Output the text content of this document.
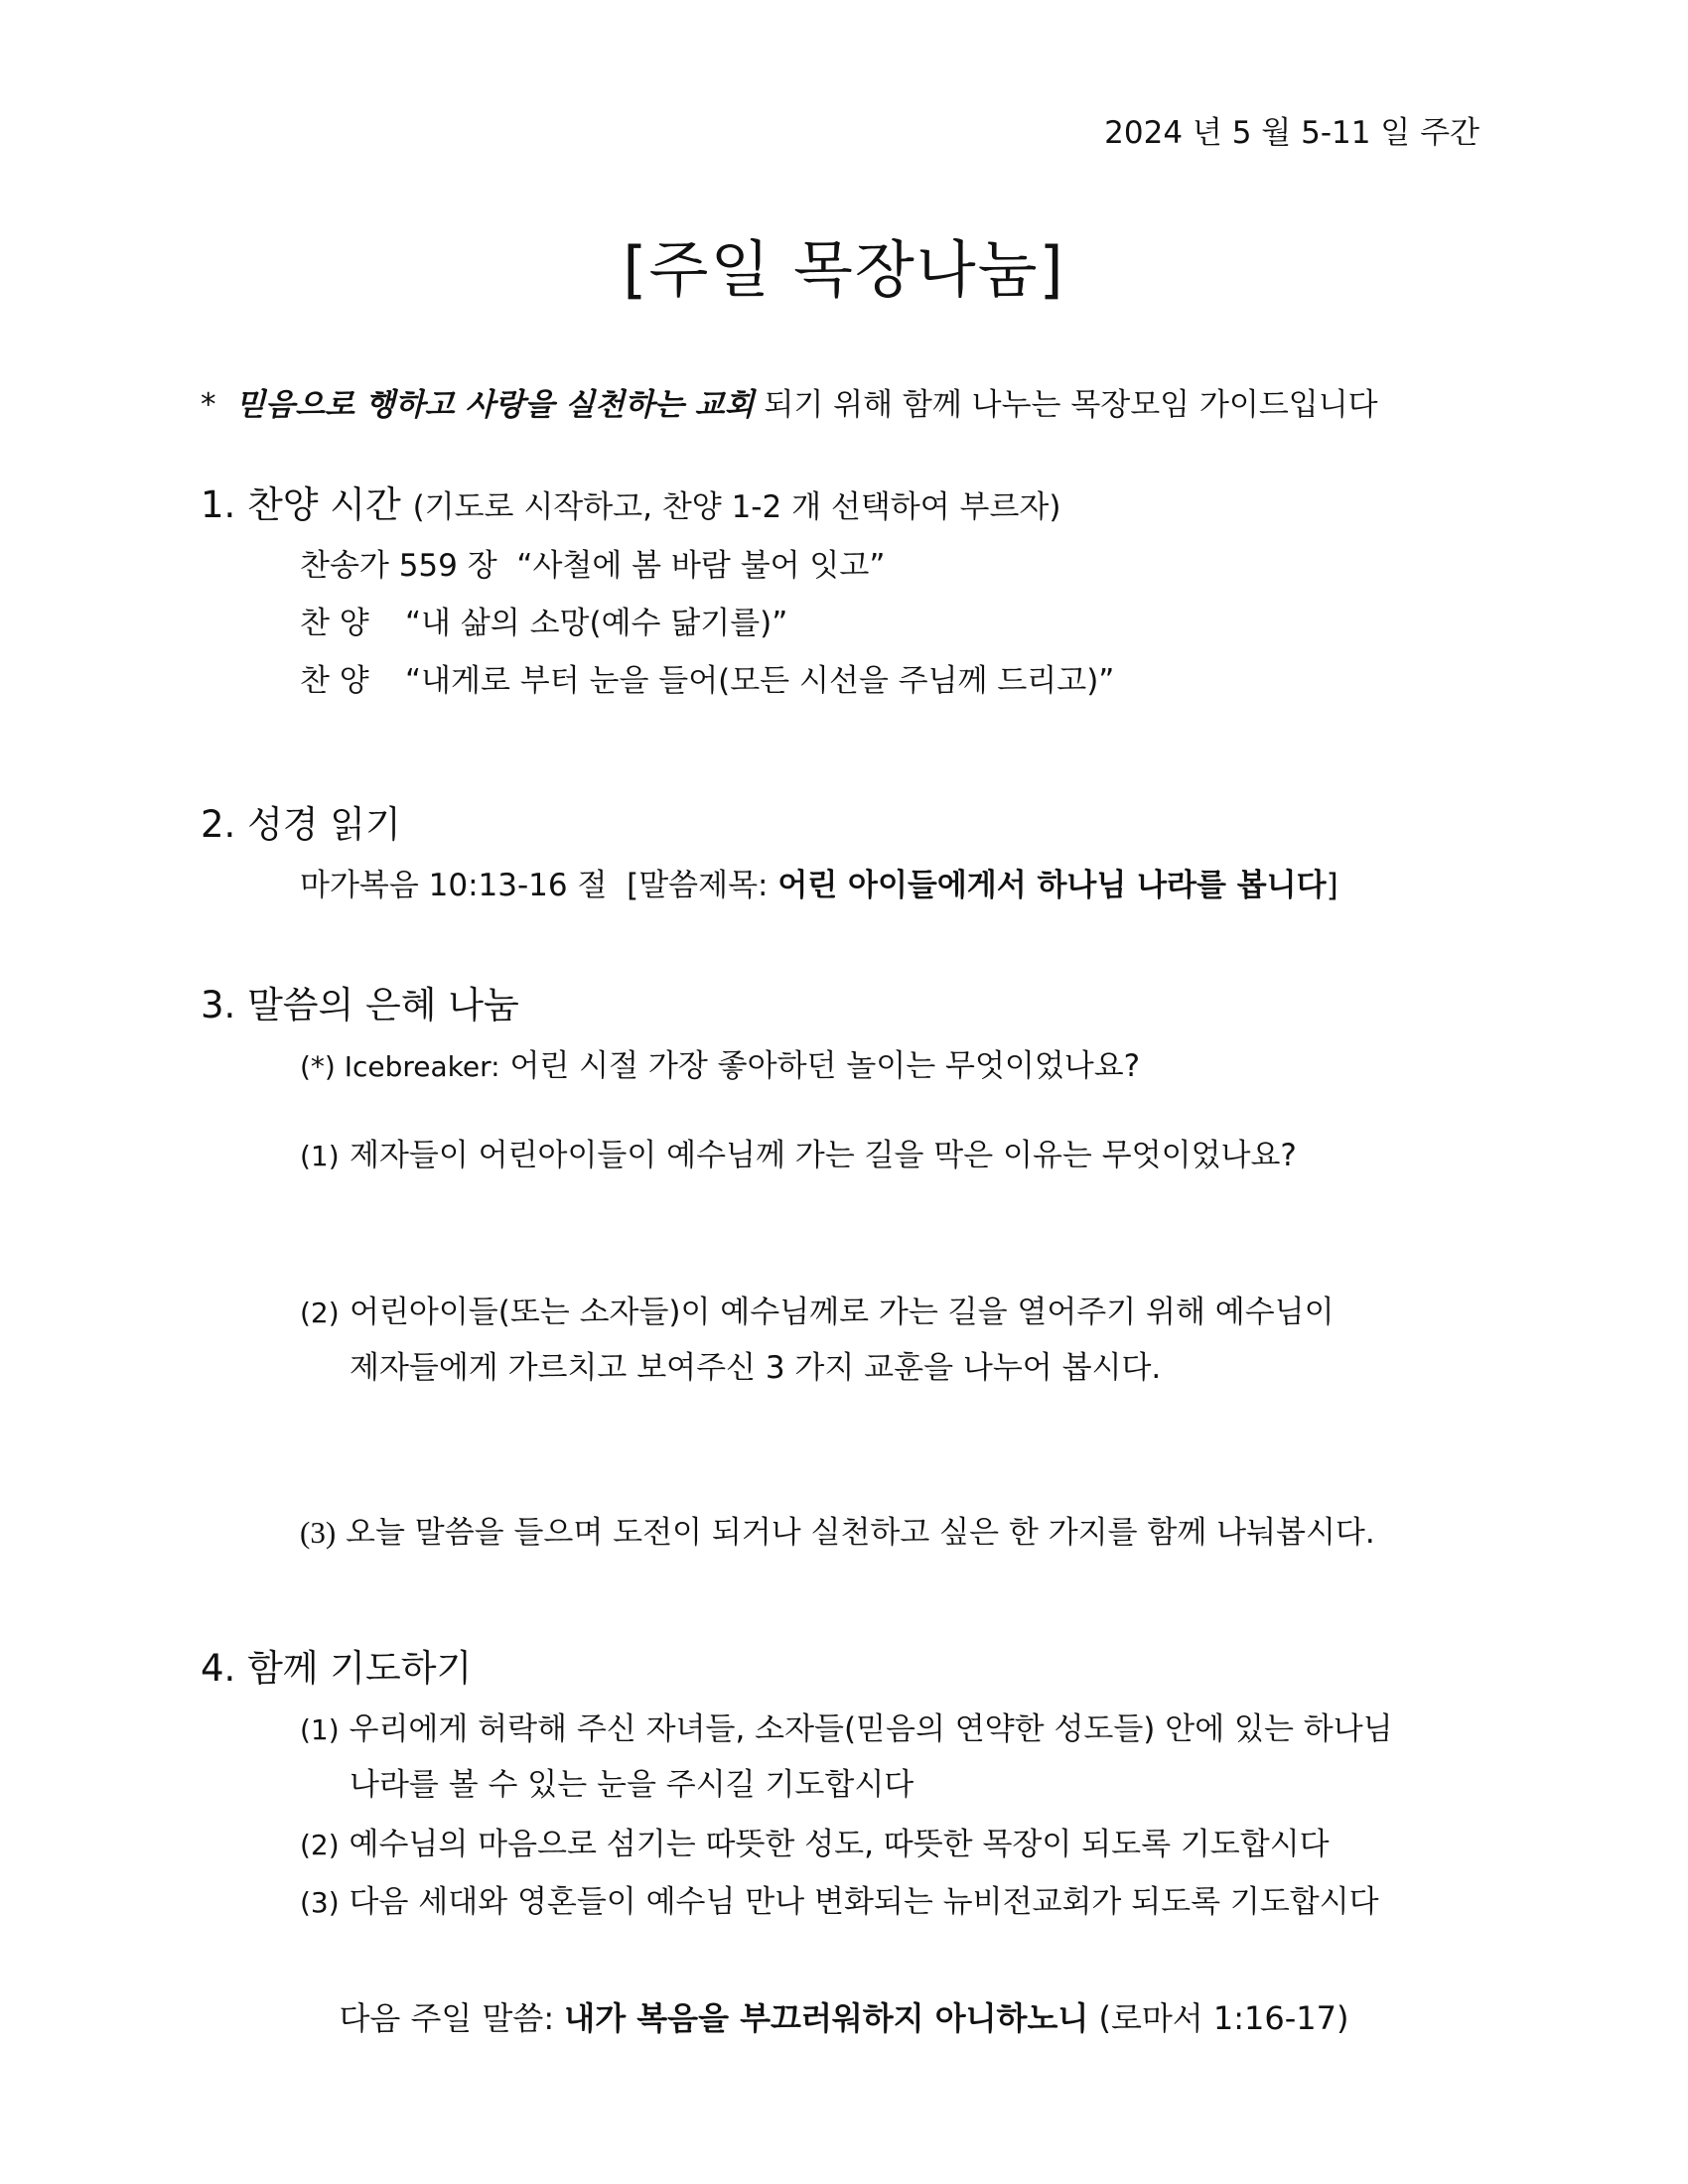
2024 년 5 월 5-11 일 주간
[주일 목장나눔]
* 믿음으로 행하고 사랑을 실천하는 교회 되기 위해 함께 나누는 목장모임 가이드입니다
1. 찬양 시간 (기도로 시작하고, 찬양 1-2 개 선택하여 부르자)
찬송가 559 장 “사철에 봄 바람 불어 잇고”
찬 양 “내 삶의 소망(예수 닮기를)”
찬 양 “내게로 부터 눈을 들어(모든 시선을 주님께 드리고)”
2. 성경 읽기
마가복음 10:13-16 절 [말씀제목: 어린 아이들에게서 하나님 나라를 봅니다]
3. 말씀의 은혜 나눔
(*) Icebreaker: 어린 시절 가장 좋아하던 놀이는 무엇이었나요?
(1) 제자들이 어린아이들이 예수님께 가는 길을 막은 이유는 무엇이었나요?
(2) 어린아이들(또는 소자들)이 예수님께로 가는 길을 열어주기 위해 예수님이
제자들에게 가르치고 보여주신 3 가지 교훈을 나누어 봅시다.
(3) 오늘 말씀을 들으며 도전이 되거나 실천하고 싶은 한 가지를 함께 나눠봅시다.
4. 함께 기도하기
(1) 우리에게 허락해 주신 자녀들, 소자들(믿음의 연약한 성도들) 안에 있는 하나님
나라를 볼 수 있는 눈을 주시길 기도합시다
(2) 예수님의 마음으로 섬기는 따뜻한 성도, 따뜻한 목장이 되도록 기도합시다
(3) 다음 세대와 영혼들이 예수님 만나 변화되는 뉴비전교회가 되도록 기도합시다
다음 주일 말씀: 내가 복음을 부끄러워하지 아니하노니 (로마서 1:16-17)
